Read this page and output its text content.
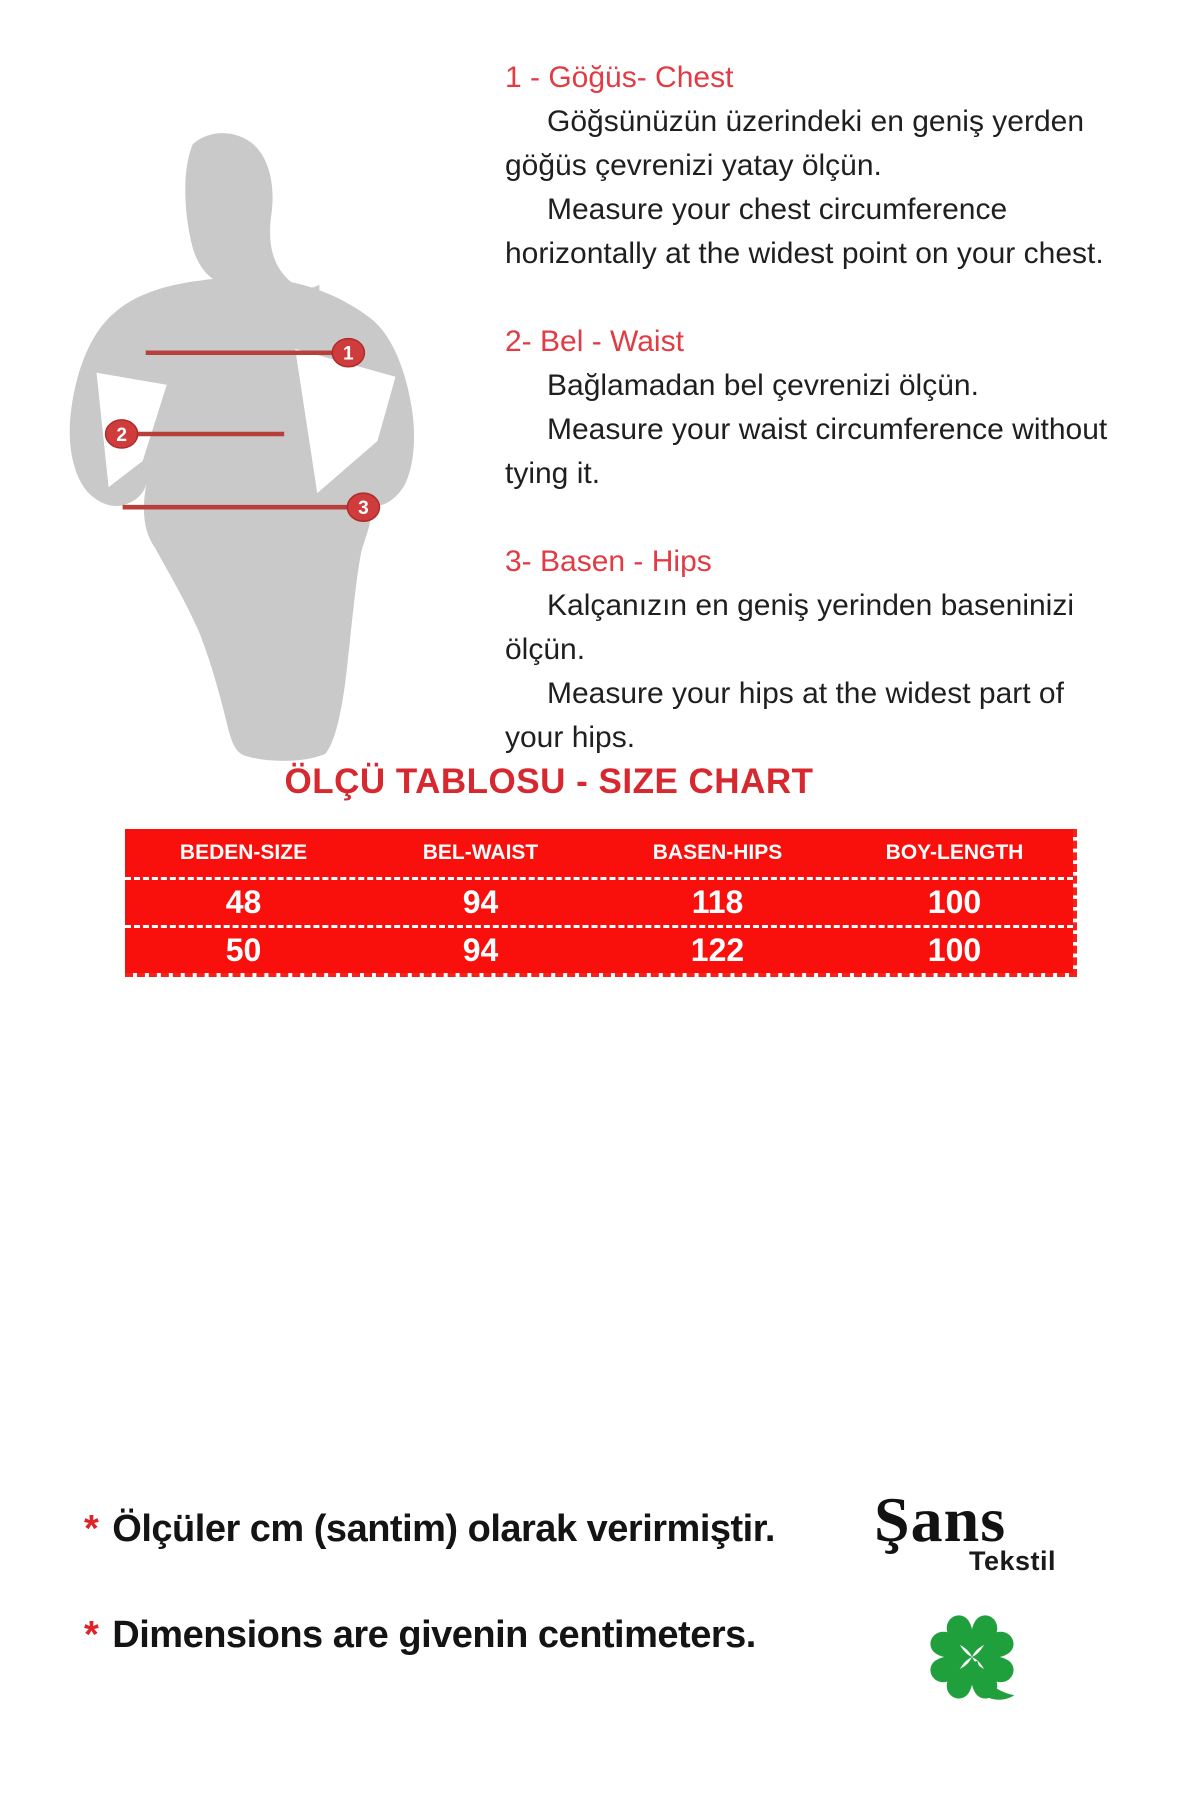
1
2
3
1 - Göğüs- Chest
Göğsünüzün üzerindeki en geniş yerden
göğüs çevrenizi yatay ölçün.
Measure your chest circumference
horizontally at the widest point on your chest.
2- Bel - Waist
Bağlamadan bel çevrenizi ölçün.
Measure your waist circumference without
tying it.
3- Basen - Hips
Kalçanızın en geniş yerinden baseninizi
ölçün.
Measure your hips at the widest part of
your hips.
ÖLÇÜ TABLOSU - SIZE CHART
BEDEN-SIZE	BEL-WAIST	BASEN-HIPS	BOY-LENGTH
48	94	118	100
50	94	122	100
* Ölçüler cm (santim) olarak verirmiştir.
* Dimensions are givenin centimeters.
Şans
Tekstil
